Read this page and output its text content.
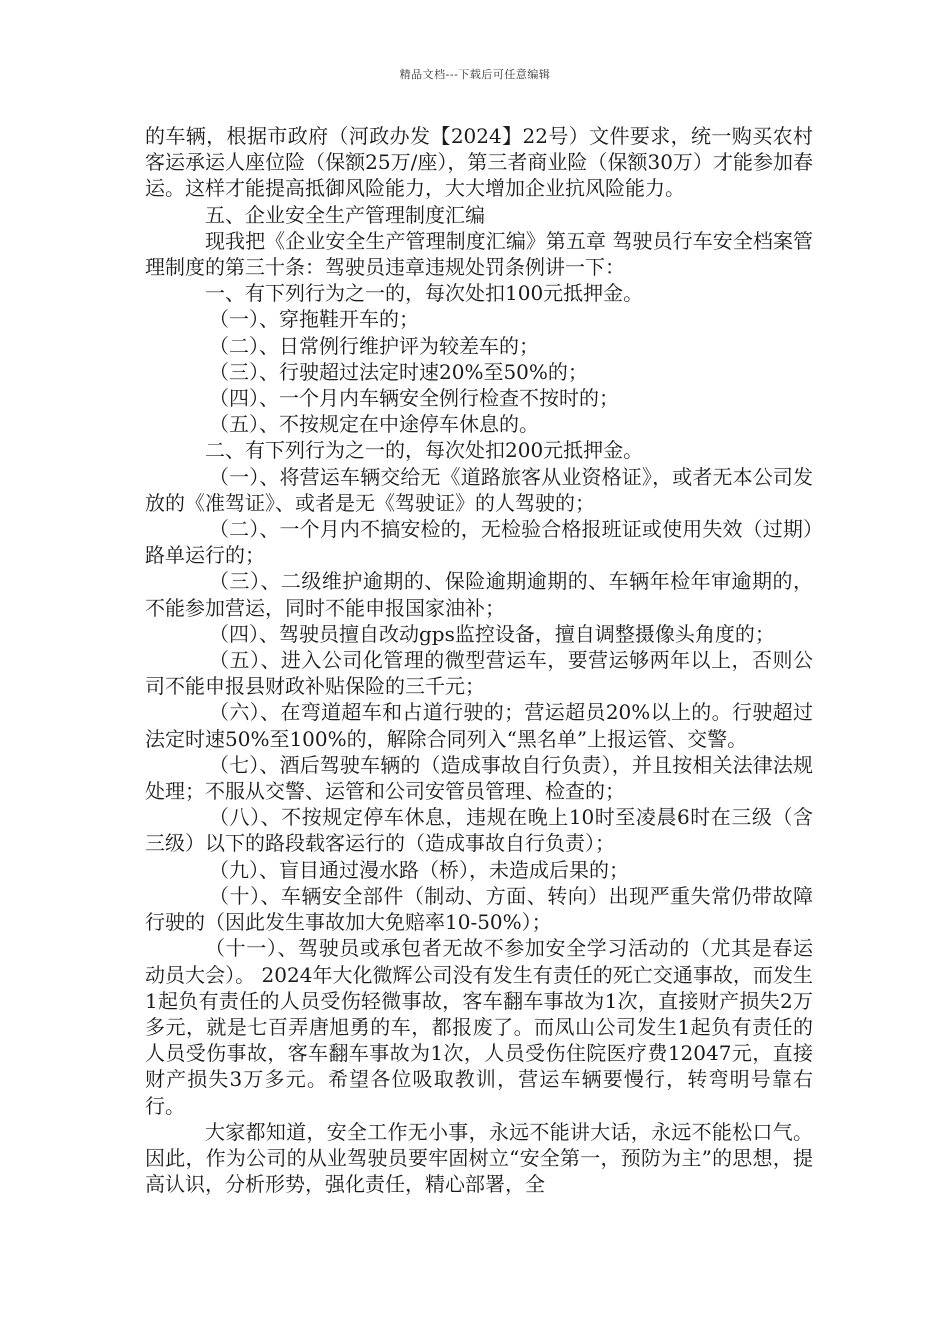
精品文档---下载后可任意编辑

的车辆，根据市政府（河政办发【2024】22号）文件要求，统一购买农村客运承运人座位险（保额25万/座），第三者商业险（保额30万）才能参加春运。这样才能提高抵御风险能力，大大增加企业抗风险能力。

五、企业安全生产管理制度汇编

现我把《企业安全生产管理制度汇编》第五章 驾驶员行车安全档案管理制度的第三十条：驾驶员违章违规处罚条例讲一下：

一、有下列行为之一的，每次处扣100元抵押金。

（一）、穿拖鞋开车的；

（二）、日常例行维护评为较差车的；

（三）、行驶超过法定时速20%至50%的；

（四）、一个月内车辆安全例行检查不按时的；

（五）、不按规定在中途停车休息的。

二、有下列行为之一的，每次处扣200元抵押金。

（一）、将营运车辆交给无《道路旅客从业资格证》，或者无本公司发放的《准驾证》、或者是无《驾驶证》的人驾驶的；

（二）、一个月内不搞安检的，无检验合格报班证或使用失效（过期）路单运行的；

（三）、二级维护逾期的、保险逾期逾期的、车辆年检年审逾期的，不能参加营运，同时不能申报国家油补；

（四）、驾驶员擅自改动gps监控设备，擅自调整摄像头角度的；

（五）、进入公司化管理的微型营运车，要营运够两年以上，否则公司不能申报县财政补贴保险的三千元；

（六）、在弯道超车和占道行驶的；营运超员20%以上的。行驶超过法定时速50%至100%的，解除合同列入“黑名单”上报运管、交警。

（七）、酒后驾驶车辆的（造成事故自行负责），并且按相关法律法规处理；不服从交警、运管和公司安管员管理、检查的；

（八）、不按规定停车休息，违规在晚上10时至凌晨6时在三级（含三级）以下的路段载客运行的（造成事故自行负责）；

（九）、盲目通过漫水路（桥），未造成后果的；

（十）、车辆安全部件（制动、方面、转向）出现严重失常仍带故障行驶的（因此发生事故加大免赔率10-50%）；

（十一）、驾驶员或承包者无故不参加安全学习活动的（尤其是春运动员大会）。 2024年大化微辉公司没有发生有责任的死亡交通事故，而发生1起负有责任的人员受伤轻微事故，客车翻车事故为1次，直接财产损失2万多元，就是七百弄唐旭勇的车，都报废了。而凤山公司发生1起负有责任的人员受伤事故，客车翻车事故为1次，人员受伤住院医疗费12047元，直接财产损失3万多元。希望各位吸取教训，营运车辆要慢行，转弯明号靠右行。

大家都知道，安全工作无小事，永远不能讲大话，永远不能松口气。因此，作为公司的从业驾驶员要牢固树立“安全第一，预防为主”的思想，提高认识，分析形势，强化责任，精心部署，全
